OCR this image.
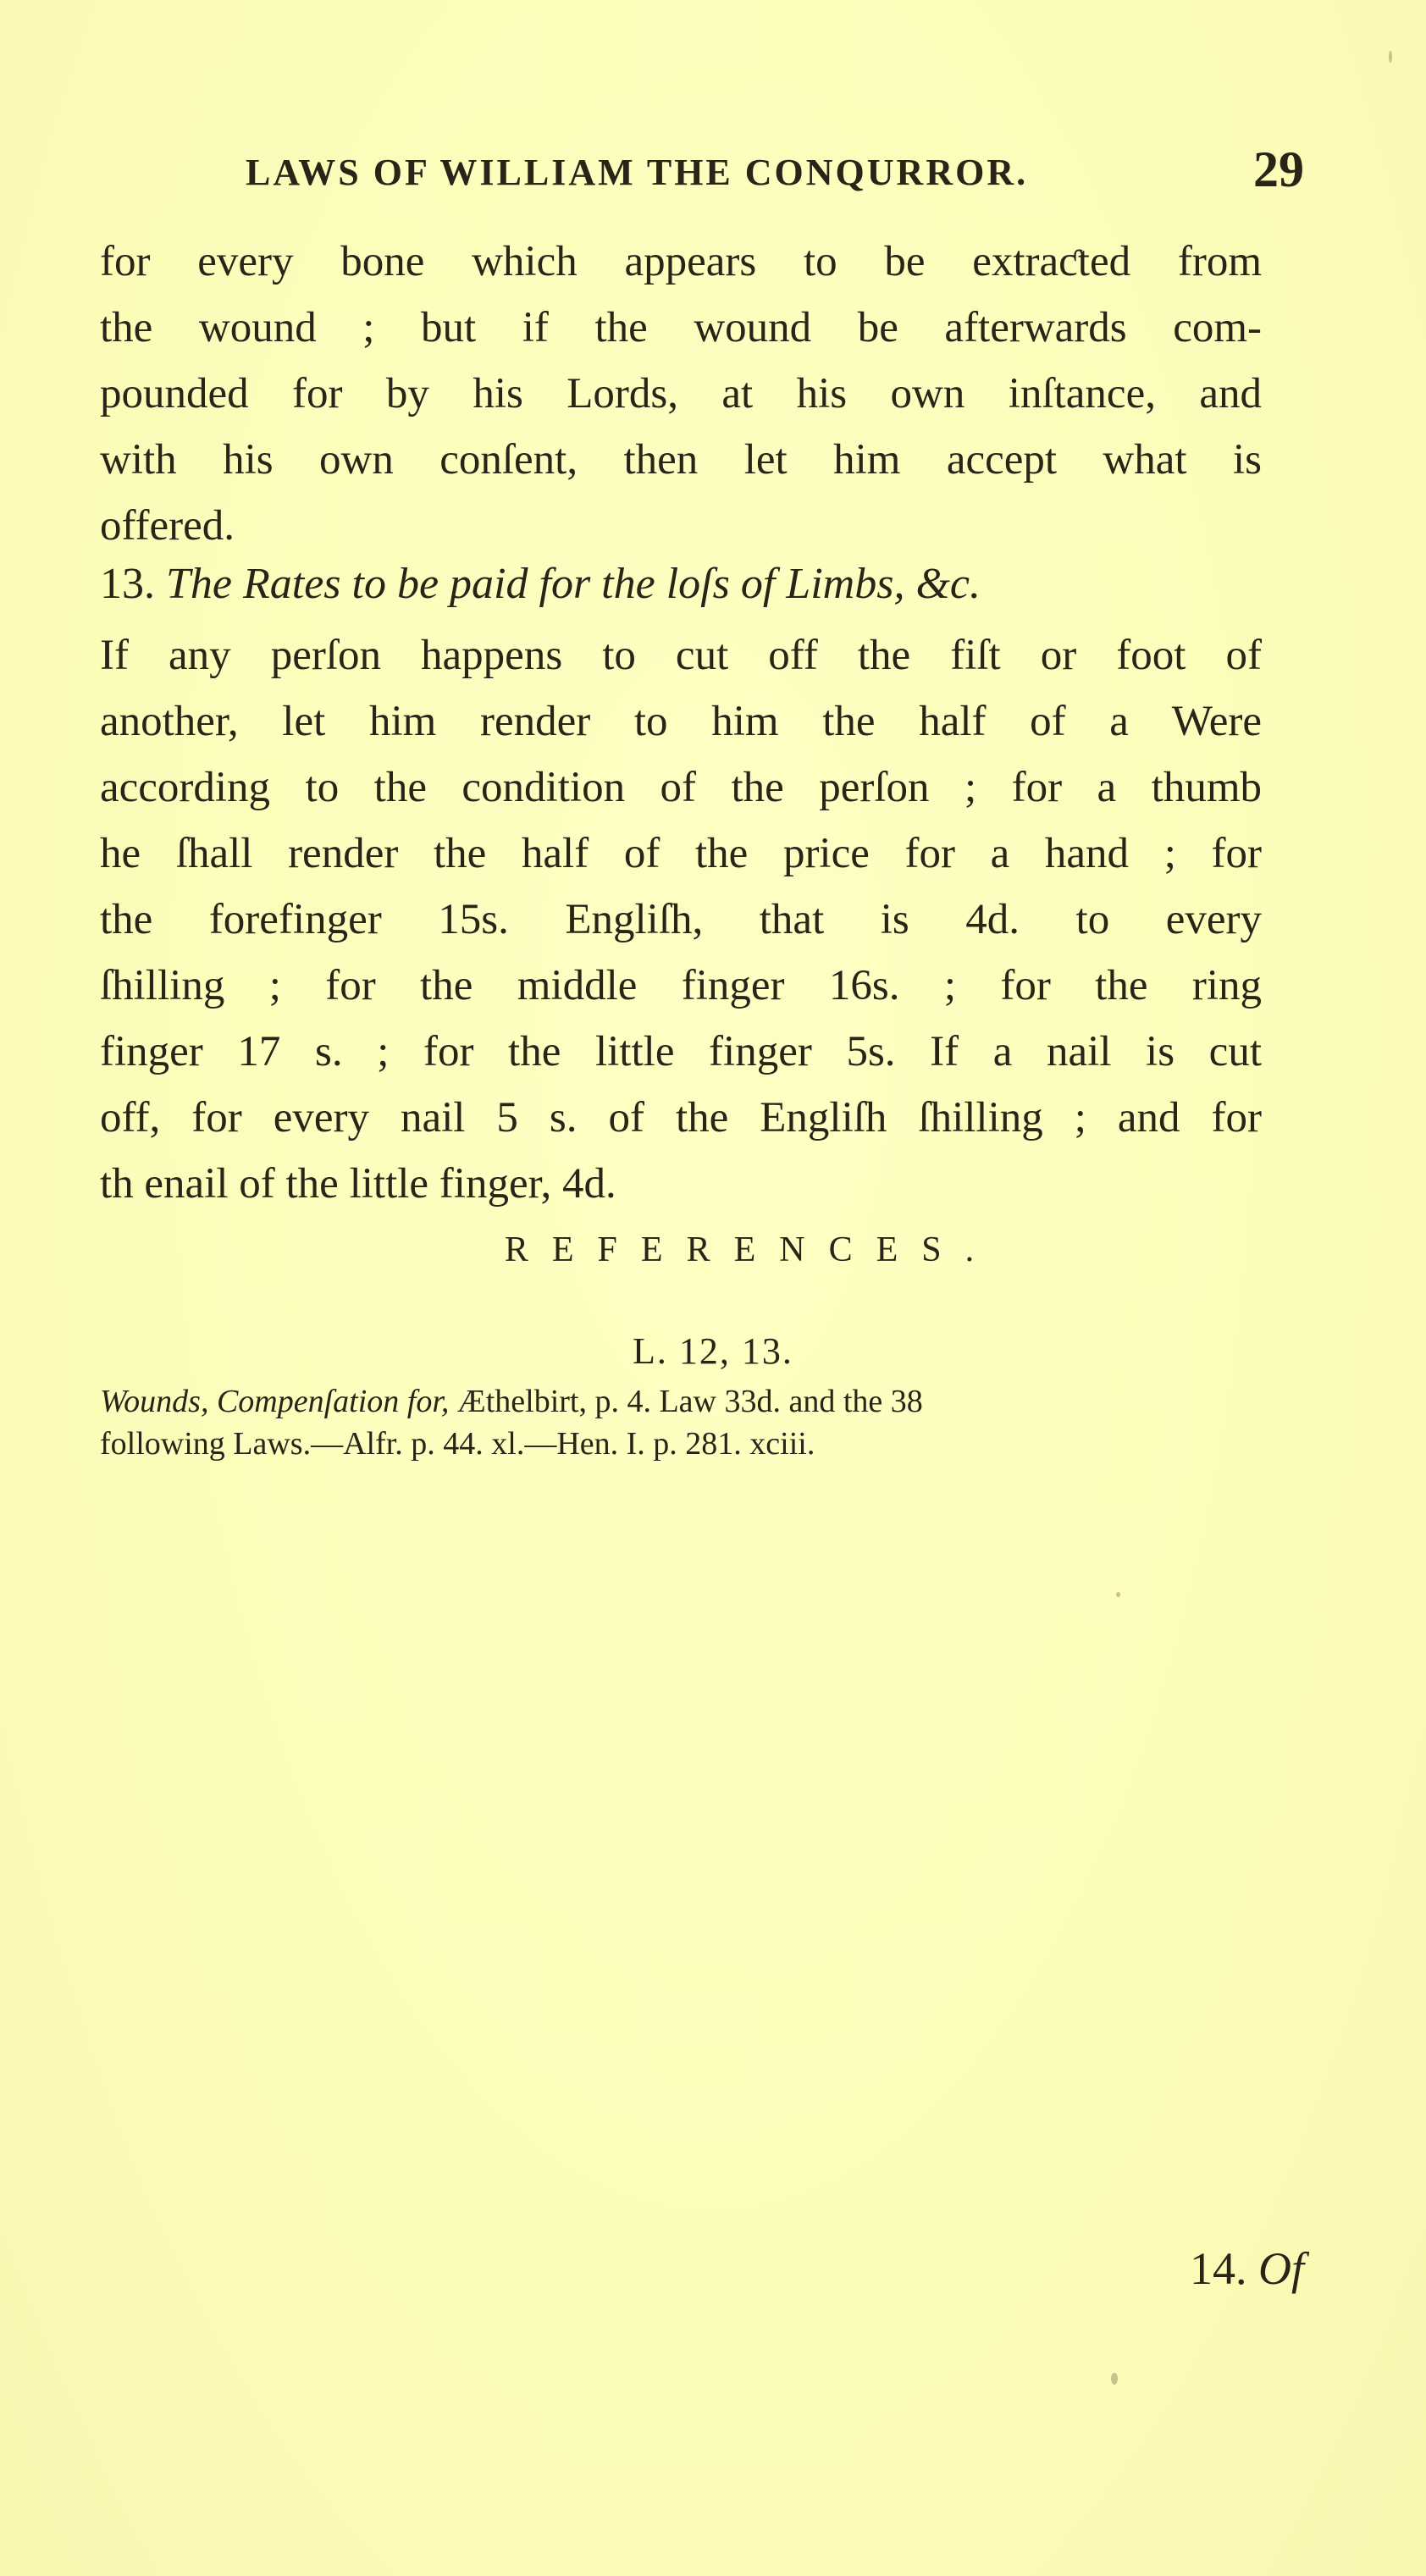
LAWS OF WILLIAM THE CONQURROR.	29
for every bone which appears to be extraƈted from
the wound ; but if the wound be afterwards com-
pounded for by his Lords, at his own inſtance, and
with his own conſent, then let him accept what is
offered.
13. The Rates to be paid for the loſs of Limbs, &c.
If any perſon happens to cut off the fiſt or foot of
another, let him render to him the half of a Were
according to the condition of the perſon ; for a thumb
he ſhall render the half of the price for a hand ; for
the forefinger 15s. Engliſh, that is 4d. to every
ſhilling ; for the middle finger 16s. ; for the ring
finger 17 s. ; for the little finger 5s. If a nail is cut
off, for every nail 5 s. of the Engliſh ſhilling ; and for
th enail of the little finger, 4d.
REFERENCES.
L. 12, 13.
Wounds, Compenſation for, Æthelbirt, p. 4. Law 33d. and the 38
following Laws.—Alfr. p. 44. xl.—Hen. I. p. 281. xciii.
14. Of
